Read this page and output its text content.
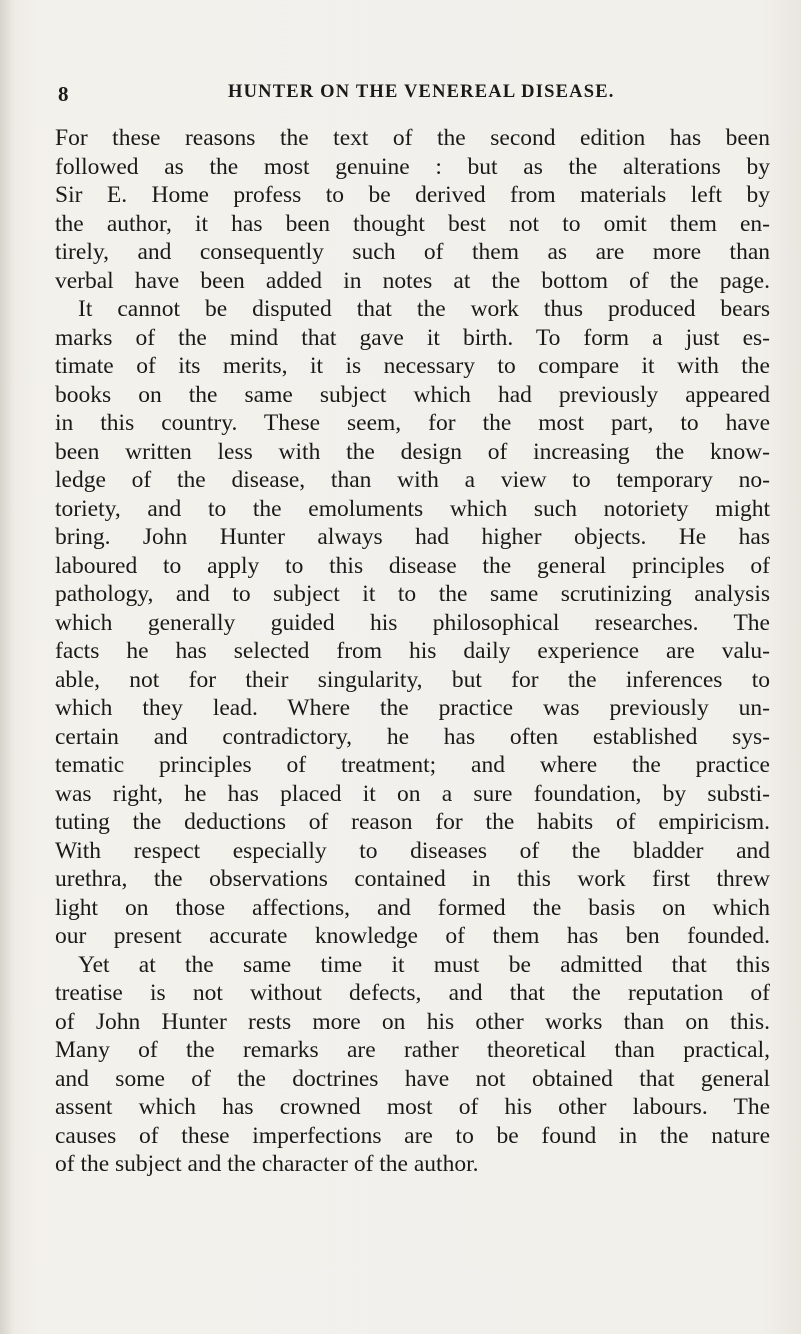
8	HUNTER ON THE VENEREAL DISEASE.
For these reasons the text of the second edition has been
followed as the most genuine : but as the alterations by
Sir E. Home profess to be derived from materials left by
the author, it has been thought best not to omit them en-
tirely, and consequently such of them as are more than
verbal have been added in notes at the bottom of the page.
It cannot be disputed that the work thus produced bears
marks of the mind that gave it birth. To form a just es-
timate of its merits, it is necessary to compare it with the
books on the same subject which had previously appeared
in this country. These seem, for the most part, to have
been written less with the design of increasing the know-
ledge of the disease, than with a view to temporary no-
toriety, and to the emoluments which such notoriety might
bring. John Hunter always had higher objects. He has
laboured to apply to this disease the general principles of
pathology, and to subject it to the same scrutinizing analysis
which generally guided his philosophical researches. The
facts he has selected from his daily experience are valu-
able, not for their singularity, but for the inferences to
which they lead. Where the practice was previously un-
certain and contradictory, he has often established sys-
tematic principles of treatment; and where the practice
was right, he has placed it on a sure foundation, by substi-
tuting the deductions of reason for the habits of empiricism.
With respect especially to diseases of the bladder and
urethra, the observations contained in this work first threw
light on those affections, and formed the basis on which
our present accurate knowledge of them has ben founded.
Yet at the same time it must be admitted that this
treatise is not without defects, and that the reputation of
of John Hunter rests more on his other works than on this.
Many of the remarks are rather theoretical than practical,
and some of the doctrines have not obtained that general
assent which has crowned most of his other labours. The
causes of these imperfections are to be found in the nature
of the subject and the character of the author.
